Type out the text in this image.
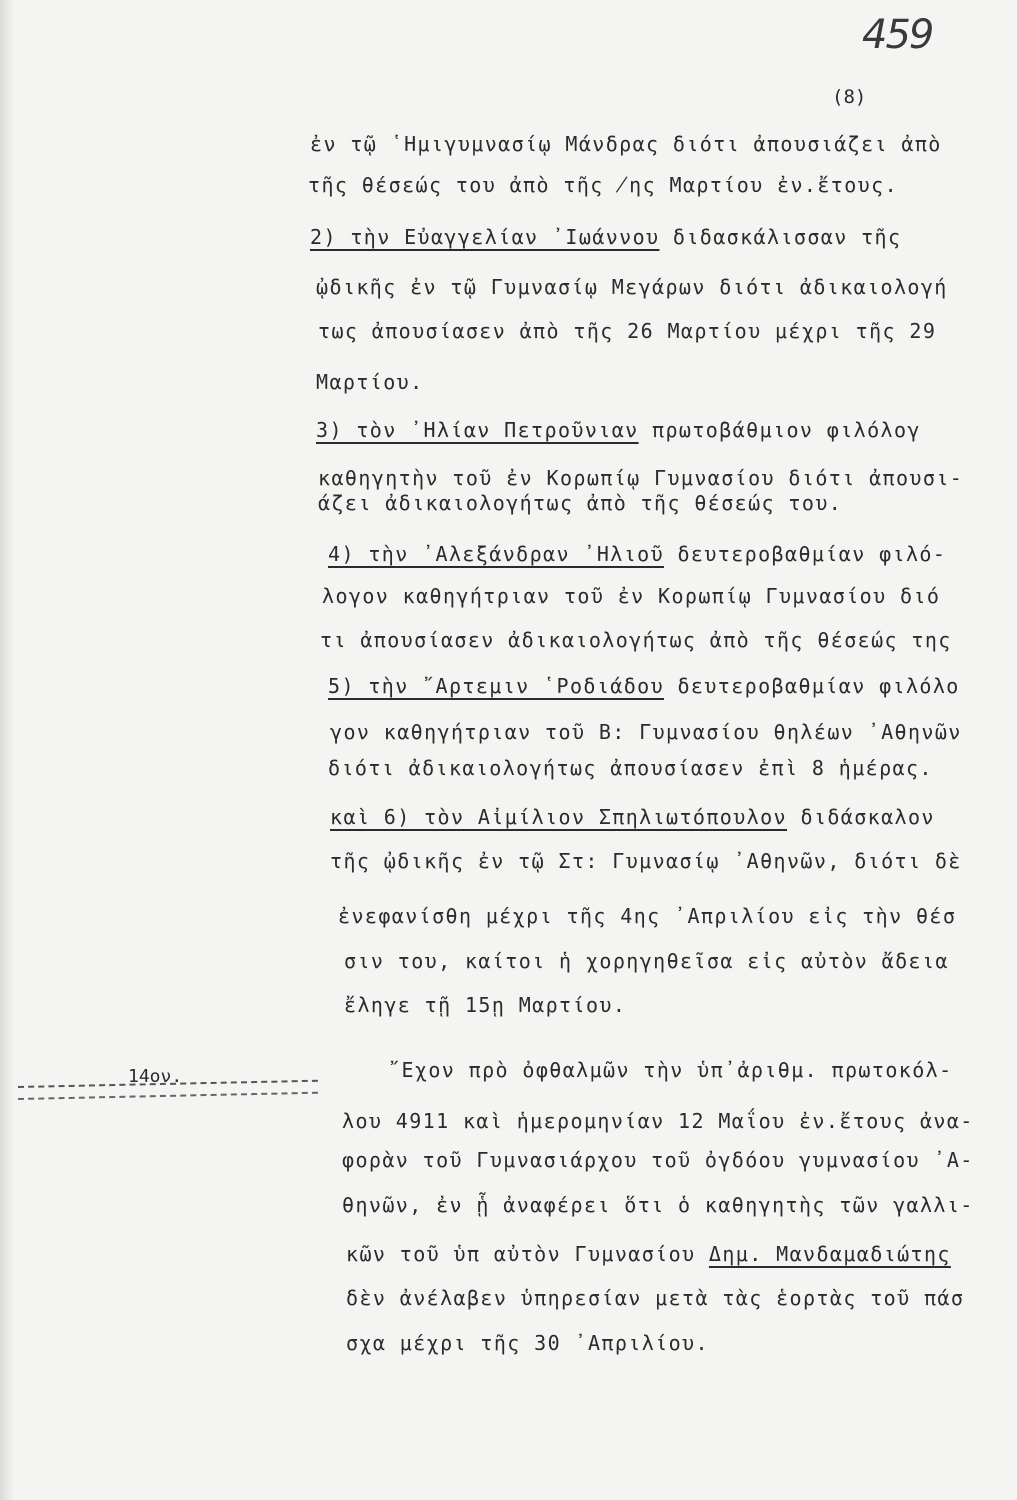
459
(8)
ἐν τῷ ῾Ημιγυμνασίῳ Μάνδρας διότι ἀπουσιάζει ἀπὸ
τῆς θέσεώς του ἀπὸ τῆς ̸ης Μαρτίου ἐν.ἔτους.
2) τὴν Εὐαγγελίαν ᾽Ιωάννου διδασκάλισσαν τῆς
ᾠδικῆς ἐν τῷ Γυμνασίῳ Μεγάρων διότι ἀδικαιολογή
τως ἀπουσίασεν ἀπὸ τῆς 26 Μαρτίου μέχρι τῆς 29
Μαρτίου.
3) τὸν ᾽Ηλίαν Πετροῦνιαν πρωτοβάθμιον φιλόλογ
καθηγητὴν τοῦ ἐν Κορωπίῳ Γυμνασίου διότι ἀπουσι-
άζει ἀδικαιολογήτως ἀπὸ τῆς θέσεώς του.
4) τὴν ᾽Αλεξάνδραν ᾽Ηλιοῦ δευτεροβαθμίαν φιλό-
λογον καθηγήτριαν τοῦ ἐν Κορωπίῳ Γυμνασίου διό
τι ἀπουσίασεν ἀδικαιολογήτως ἀπὸ τῆς θέσεώς της
5) τὴν ῎Αρτεμιν ῾Ροδιάδου δευτεροβαθμίαν φιλόλο
γον καθηγήτριαν τοῦ Β: Γυμνασίου θηλέων ᾽Αθηνῶν
διότι ἀδικαιολογήτως ἀπουσίασεν ἐπὶ 8 ἡμέρας.
καὶ 6) τὸν Αἰμίλιον Σπηλιωτόπουλον διδάσκαλον
τῆς ᾠδικῆς ἐν τῷ Στ: Γυμνασίῳ ᾽Αθηνῶν, διότι δὲ
ἐνεφανίσθη μέχρι τῆς 4ης ᾽Απριλίου εἰς τὴν θέσ
σιν του, καίτοι ἡ χορηγηθεῖσα εἰς αὐτὸν ἄδεια
ἔληγε τῇ 15ῃ Μαρτίου.
῎Εχον πρὸ ὀφθαλμῶν τὴν ὑπ᾽ἀριθμ. πρωτοκόλ-
λου 4911 καὶ ἡμερομηνίαν 12 Μαΐου ἐν.ἔτους ἀνα-
φορὰν τοῦ Γυμνασιάρχου τοῦ ὀγδόου γυμνασίου ᾽Α-
θηνῶν, ἐν ᾗ ἀναφέρει ὅτι ὁ καθηγητὴς τῶν γαλλι-
κῶν τοῦ ὑπ αὐτὸν Γυμνασίου Δημ. Μανδαμαδιώτης
δὲν ἀνέλαβεν ὑπηρεσίαν μετὰ τὰς ἑορτὰς τοῦ πάσ
σχα μέχρι τῆς 30 ᾽Απριλίου.
14ον.
